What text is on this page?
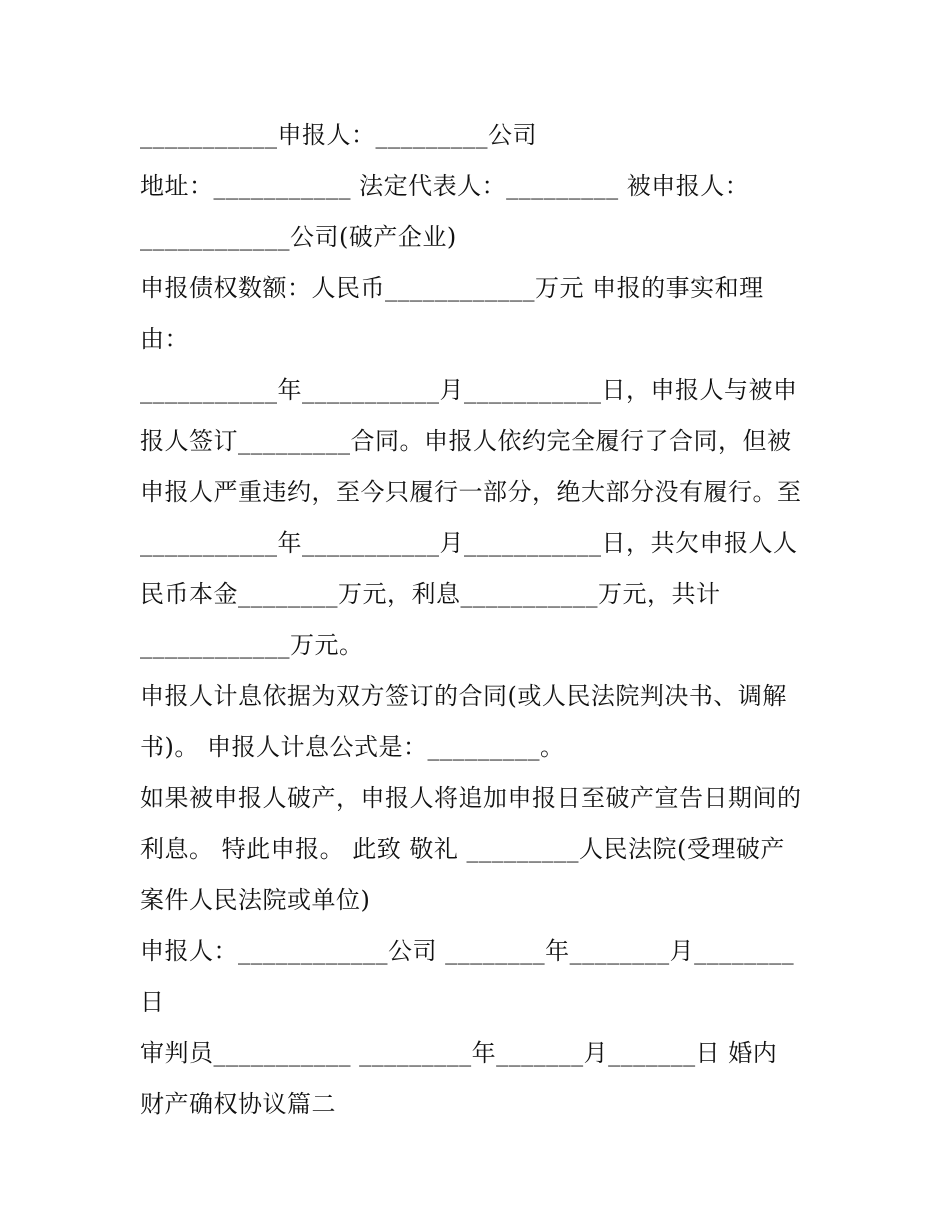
___________申报人：_________公司
地址：___________ 法定代表人：_________ 被申报人：
____________公司(破产企业)
申报债权数额：人民币____________万元 申报的事实和理
由：
___________年___________月___________日，申报人与被申
报人签订_________合同。申报人依约完全履行了合同，但被
申报人严重违约，至今只履行一部分，绝大部分没有履行。至
___________年___________月___________日，共欠申报人人
民币本金________万元，利息___________万元，共计
____________万元。
申报人计息依据为双方签订的合同(或人民法院判决书、调解
书)。 申报人计息公式是：_________。
如果被申报人破产，申报人将追加申报日至破产宣告日期间的
利息。 特此申报。 此致 敬礼 _________人民法院(受理破产
案件人民法院或单位)
申报人：____________公司 ________年________月________
日
审判员___________ _________年_______月_______日 婚内
财产确权协议篇二
